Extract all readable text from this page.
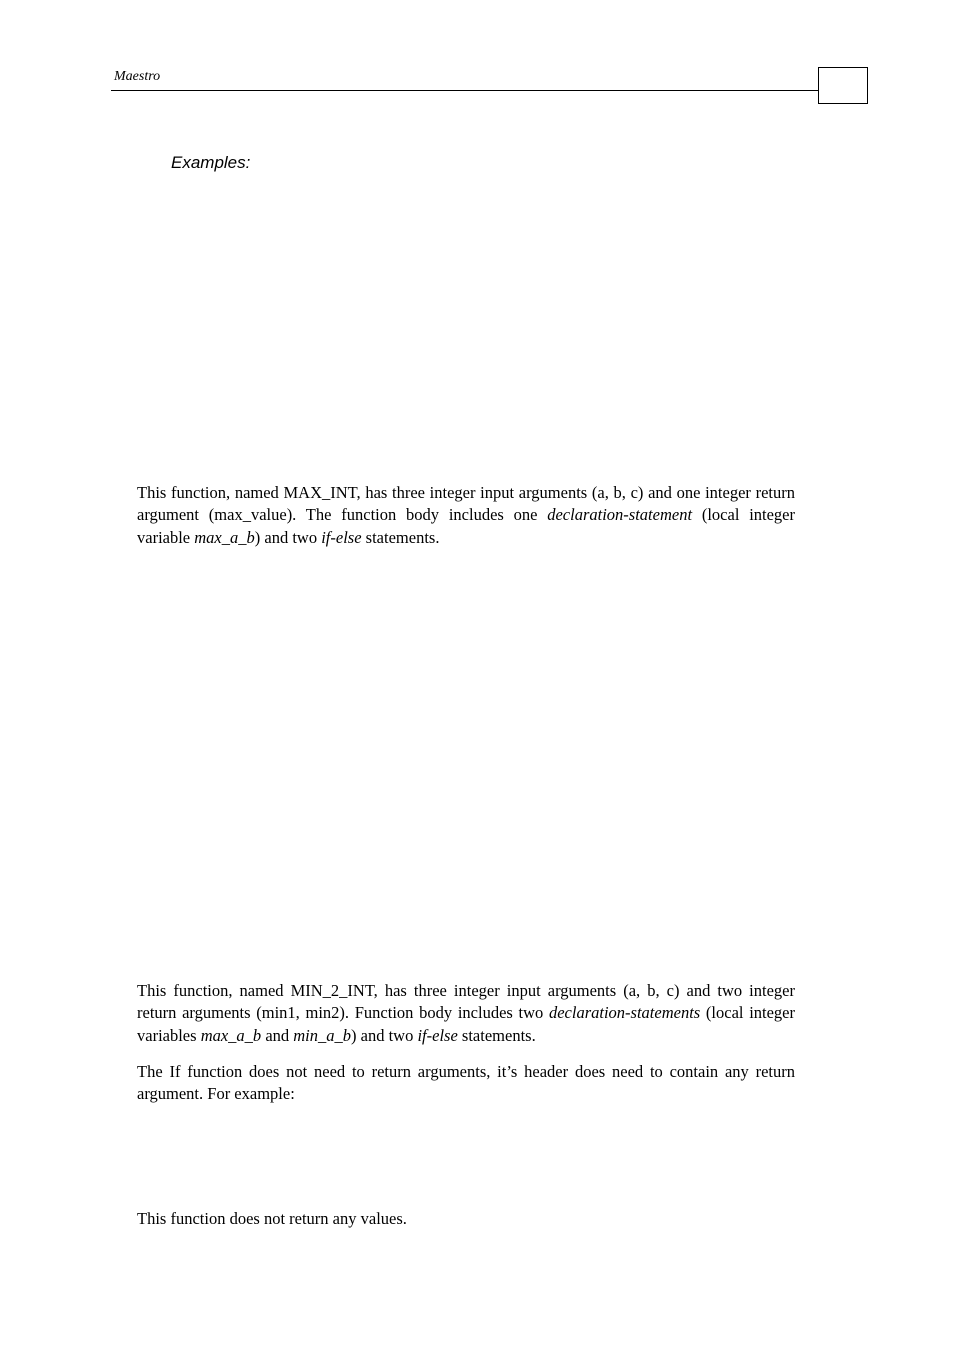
Maestro
Examples:

This function, named MAX_INT, has three integer input arguments (a, b, c) and one integer return argument (max_value). The function body includes one declaration-statement (local integer variable max_a_b) and two if-else statements.

This function, named MIN_2_INT, has three integer input arguments (a, b, c) and two integer return arguments (min1, min2). Function body includes two declaration-statements (local integer variables max_a_b and min_a_b) and two if-else statements.

The If function does not need to return arguments, it’s header does need to contain any return argument. For example:

This function does not return any values.
